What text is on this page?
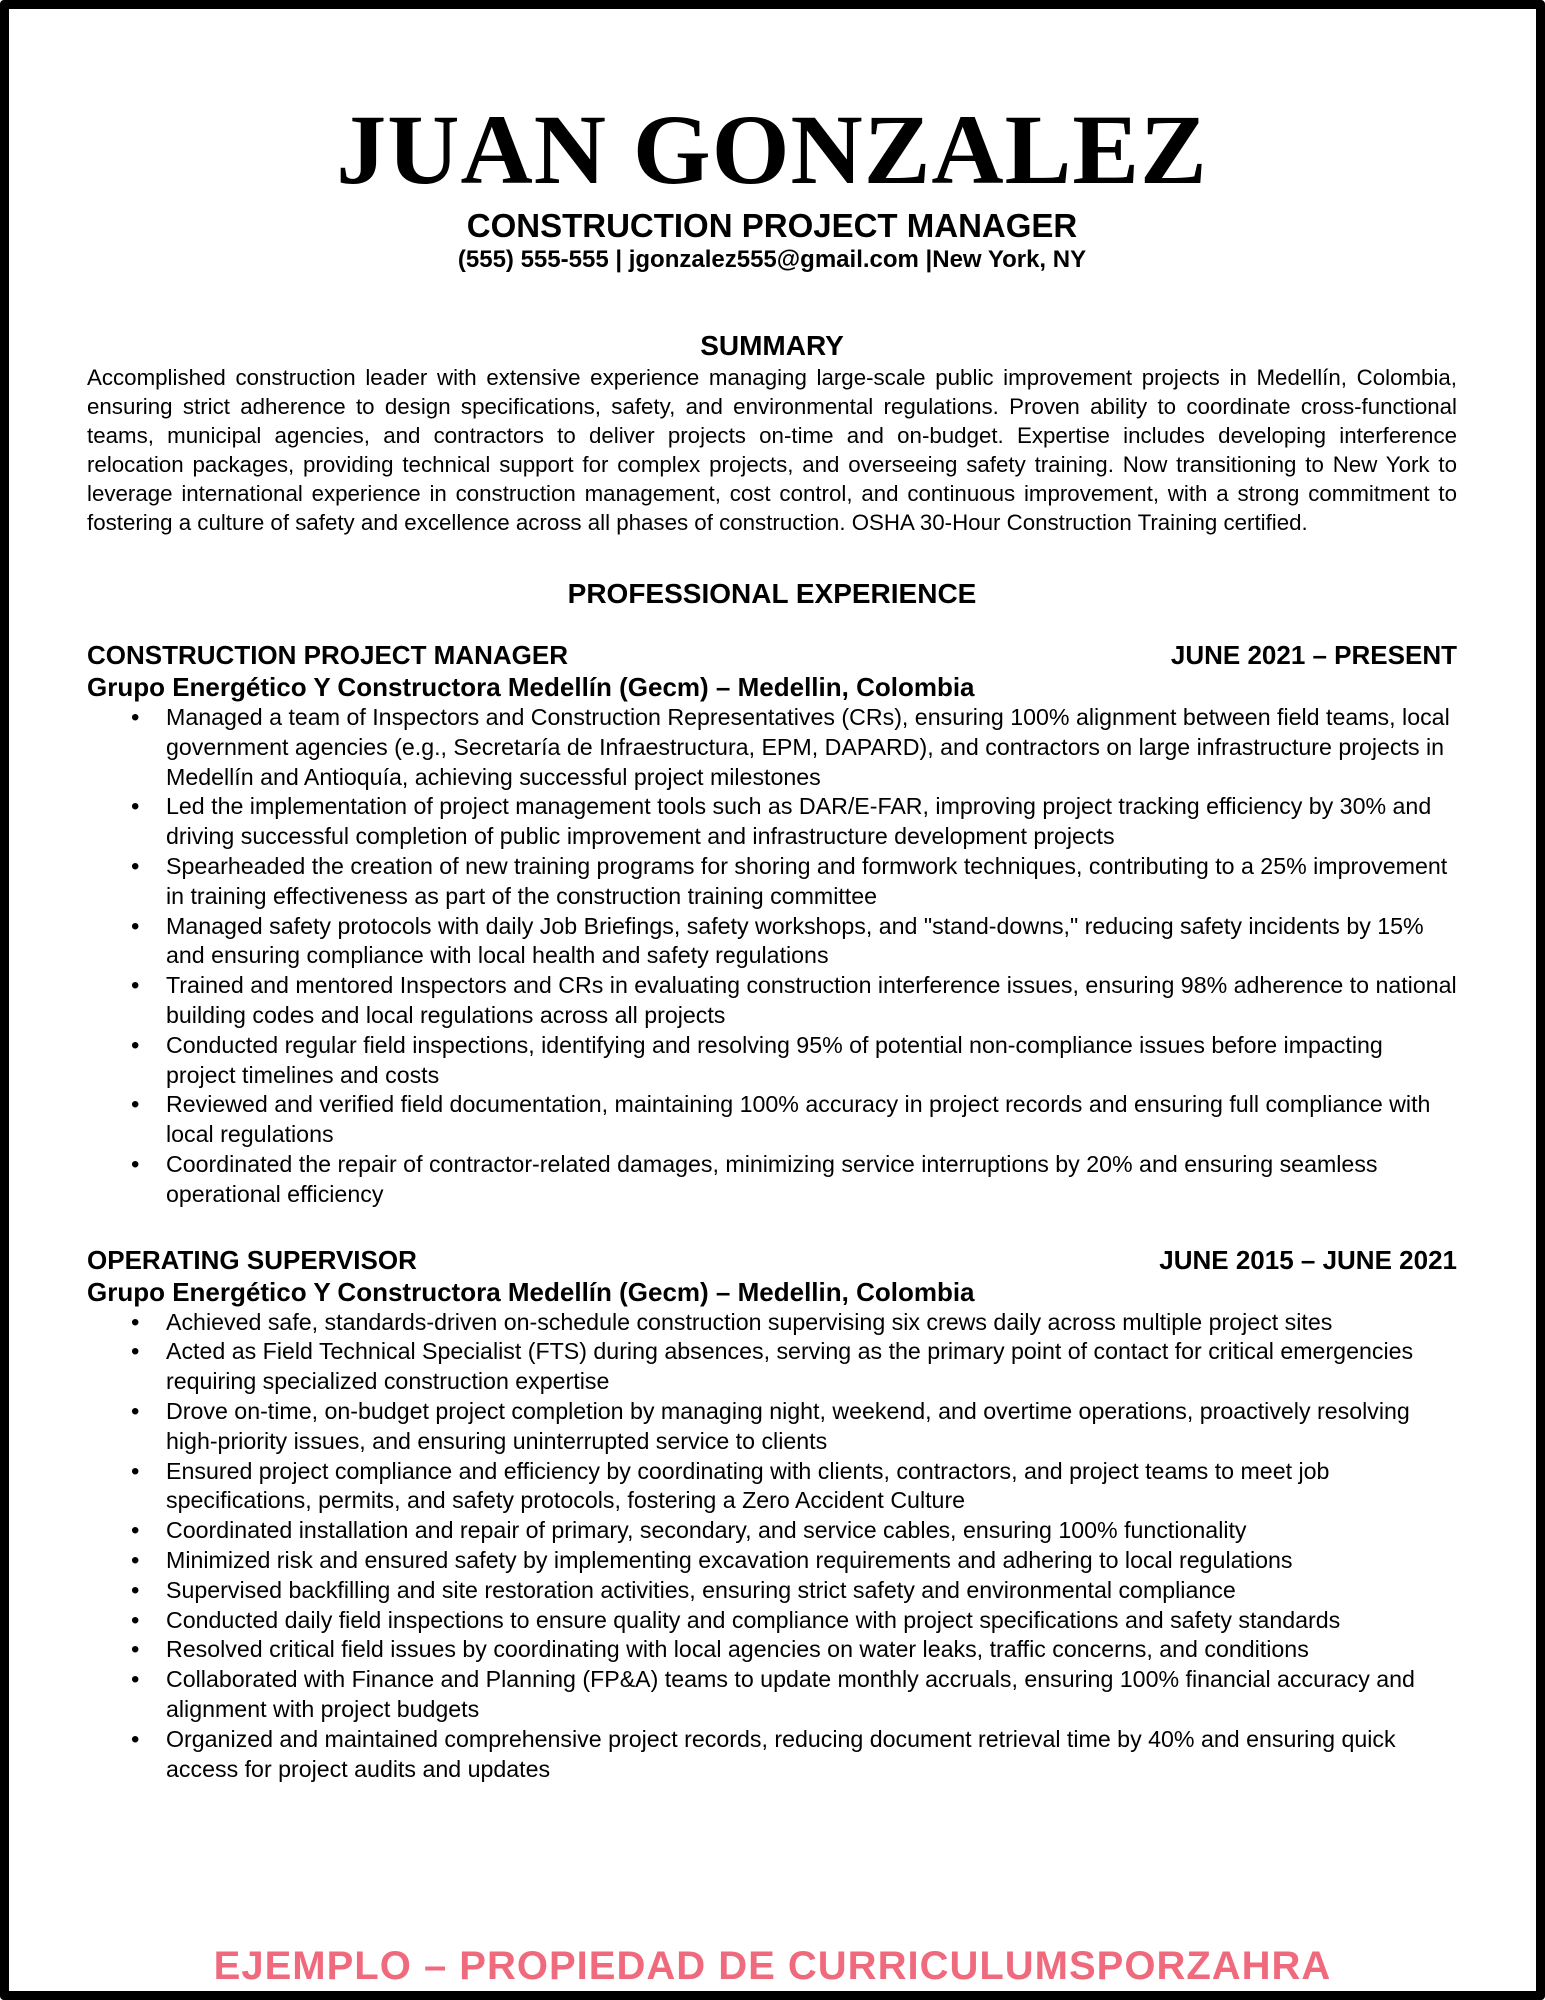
JUAN GONZALEZ
CONSTRUCTION PROJECT MANAGER
(555) 555-555 | jgonzalez555@gmail.com |New York, NY
SUMMARY

Accomplished construction leader with extensive experience managing large-scale public improvement projects in Medellín, Colombia, ensuring strict adherence to design specifications, safety, and environmental regulations. Proven ability to coordinate cross-functional teams, municipal agencies, and contractors to deliver projects on-time and on-budget. Expertise includes developing interference relocation packages, providing technical support for complex projects, and overseeing safety training. Now transitioning to New York to leverage international experience in construction management, cost control, and continuous improvement, with a strong commitment to fostering a culture of safety and excellence across all phases of construction. OSHA 30-Hour Construction Training certified.

PROFESSIONAL EXPERIENCE
CONSTRUCTION PROJECT MANAGER	JUNE 2021 – PRESENT
Grupo Energético Y Constructora Medellín (Gecm) – Medellin, Colombia
• Managed a team of Inspectors and Construction Representatives (CRs), ensuring 100% alignment between field teams, local government agencies (e.g., Secretaría de Infraestructura, EPM, DAPARD), and contractors on large infrastructure projects in Medellín and Antioquía, achieving successful project milestones
• Led the implementation of project management tools such as DAR/E-FAR, improving project tracking efficiency by 30% and driving successful completion of public improvement and infrastructure development projects
• Spearheaded the creation of new training programs for shoring and formwork techniques, contributing to a 25% improvement in training effectiveness as part of the construction training committee
• Managed safety protocols with daily Job Briefings, safety workshops, and "stand-downs," reducing safety incidents by 15% and ensuring compliance with local health and safety regulations
• Trained and mentored Inspectors and CRs in evaluating construction interference issues, ensuring 98% adherence to national building codes and local regulations across all projects
• Conducted regular field inspections, identifying and resolving 95% of potential non-compliance issues before impacting project timelines and costs
• Reviewed and verified field documentation, maintaining 100% accuracy in project records and ensuring full compliance with local regulations
• Coordinated the repair of contractor-related damages, minimizing service interruptions by 20% and ensuring seamless operational efficiency
OPERATING SUPERVISOR	JUNE 2015 – JUNE 2021
Grupo Energético Y Constructora Medellín (Gecm) – Medellin, Colombia
• Achieved safe, standards-driven on-schedule construction supervising six crews daily across multiple project sites
• Acted as Field Technical Specialist (FTS) during absences, serving as the primary point of contact for critical emergencies requiring specialized construction expertise
• Drove on-time, on-budget project completion by managing night, weekend, and overtime operations, proactively resolving high-priority issues, and ensuring uninterrupted service to clients
• Ensured project compliance and efficiency by coordinating with clients, contractors, and project teams to meet job specifications, permits, and safety protocols, fostering a Zero Accident Culture
• Coordinated installation and repair of primary, secondary, and service cables, ensuring 100% functionality
• Minimized risk and ensured safety by implementing excavation requirements and adhering to local regulations
• Supervised backfilling and site restoration activities, ensuring strict safety and environmental compliance
• Conducted daily field inspections to ensure quality and compliance with project specifications and safety standards
• Resolved critical field issues by coordinating with local agencies on water leaks, traffic concerns, and conditions
• Collaborated with Finance and Planning (FP&A) teams to update monthly accruals, ensuring 100% financial accuracy and alignment with project budgets
• Organized and maintained comprehensive project records, reducing document retrieval time by 40% and ensuring quick access for project audits and updates
EJEMPLO – PROPIEDAD DE CURRICULUMSPORZAHRA
